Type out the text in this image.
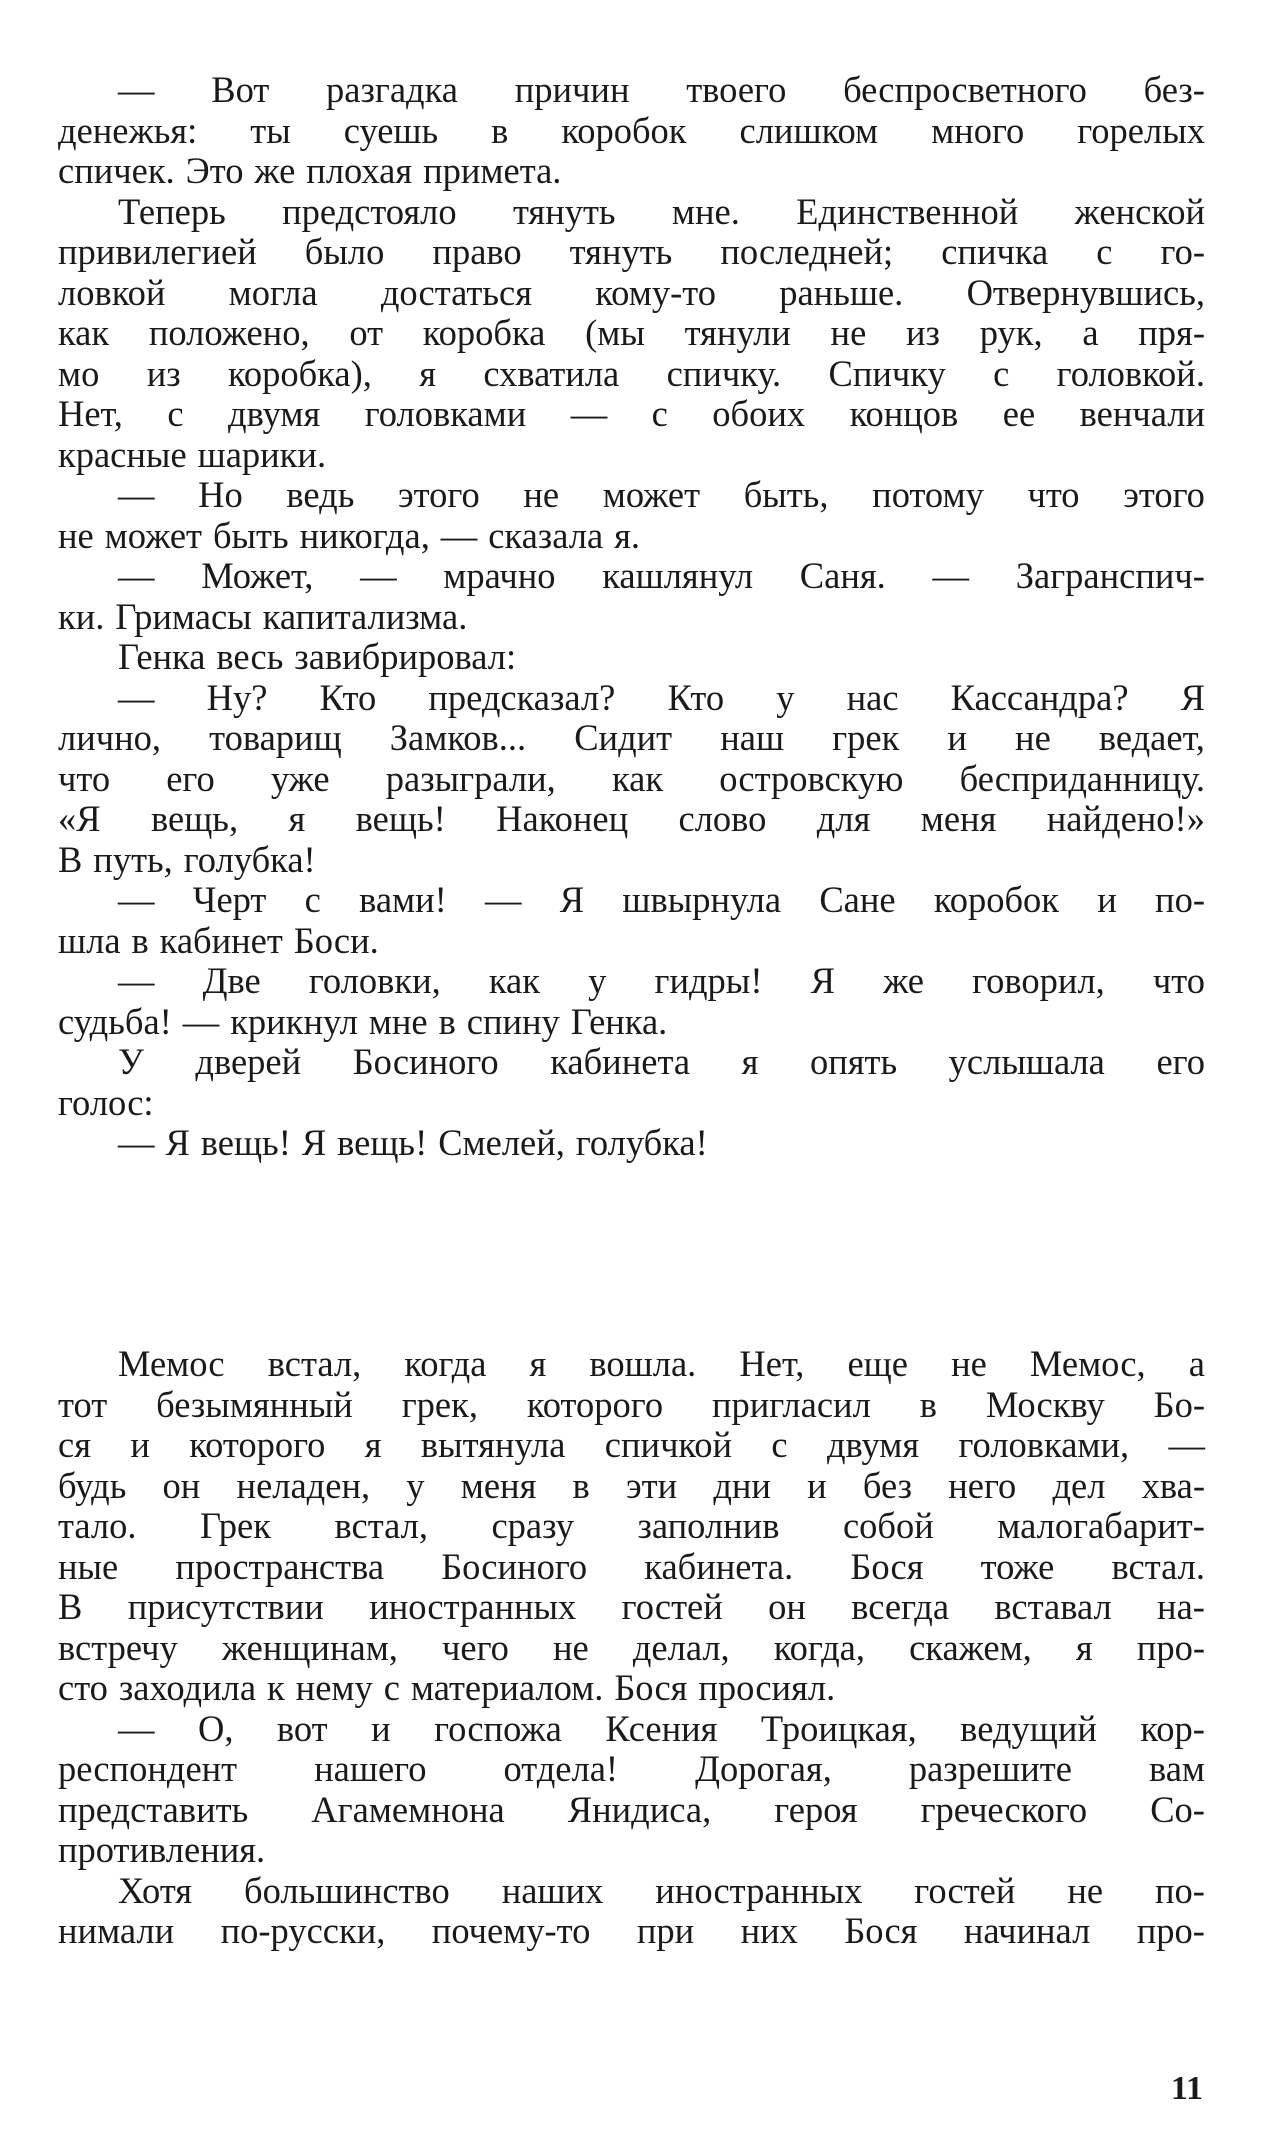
— Вот разгадка причин твоего беспросветного без-
денежья: ты суешь в коробок слишком много горелых
спичек. Это же плохая примета.
Теперь предстояло тянуть мне. Единственной женской
привилегией было право тянуть последней; спичка с го-
ловкой могла достаться кому-то раньше. Отвернувшись,
как положено, от коробка (мы тянули не из рук, а пря-
мо из коробка), я схватила спичку. Спичку с головкой.
Нет, с двумя головками — с обоих концов ее венчали
красные шарики.
— Но ведь этого не может быть, потому что этого
не может быть никогда, — сказала я.
— Может, — мрачно кашлянул Саня. — Загранспич-
ки. Гримасы капитализма.
Генка весь завибрировал:
— Ну? Кто предсказал? Кто у нас Кассандра? Я
лично, товарищ Замков... Сидит наш грек и не ведает,
что его уже разыграли, как островскую бесприданницу.
«Я вещь, я вещь! Наконец слово для меня найдено!»
В путь, голубка!
— Черт с вами! — Я швырнула Сане коробок и по-
шла в кабинет Боси.
— Две головки, как у гидры! Я же говорил, что
судьба! — крикнул мне в спину Генка.
У дверей Босиного кабинета я опять услышала его
голос:
— Я вещь! Я вещь! Смелей, голубка!
Мемос встал, когда я вошла. Нет, еще не Мемос, а
тот безымянный грек, которого пригласил в Москву Бо-
ся и которого я вытянула спичкой с двумя головками, —
будь он неладен, у меня в эти дни и без него дел хва-
тало. Грек встал, сразу заполнив собой малогабарит-
ные пространства Босиного кабинета. Бося тоже встал.
В присутствии иностранных гостей он всегда вставал на-
встречу женщинам, чего не делал, когда, скажем, я про-
сто заходила к нему с материалом. Бося просиял.
— О, вот и госпожа Ксения Троицкая, ведущий кор-
респондент нашего отдела! Дорогая, разрешите вам
представить Агамемнона Янидиса, героя греческого Со-
противления.
Хотя большинство наших иностранных гостей не по-
нимали по-русски, почему-то при них Бося начинал про-
11
